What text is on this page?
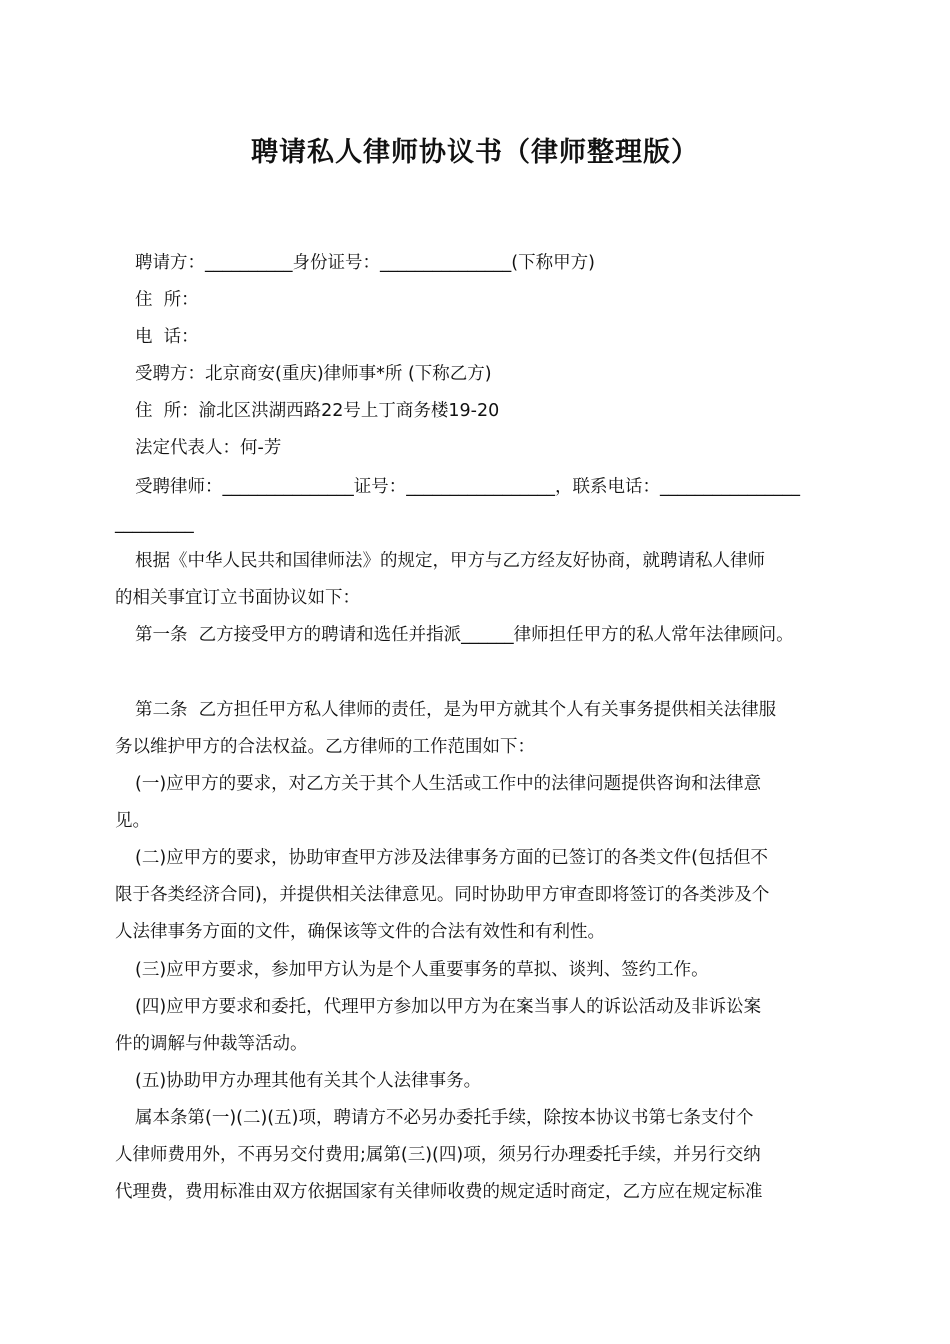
聘请私人律师协议书（律师整理版）
聘请方：__________身份证号：_______________(下称甲方)
住  所：
电  话：
受聘方：北京商安(重庆)律师事*所 (下称乙方)
住  所：渝北区洪湖西路22号上丁商务楼19-20
法定代表人：何-芳
受聘律师：_______________证号：_________________，联系电话：________________
_________
根据《中华人民共和国律师法》的规定，甲方与乙方经友好协商，就聘请私人律师
的相关事宜订立书面协议如下：
第一条  乙方接受甲方的聘请和选任并指派______律师担任甲方的私人常年法律顾问。
第二条  乙方担任甲方私人律师的责任，是为甲方就其个人有关事务提供相关法律服
务以维护甲方的合法权益。乙方律师的工作范围如下：
(一)应甲方的要求，对乙方关于其个人生活或工作中的法律问题提供咨询和法律意
见。
(二)应甲方的要求，协助审查甲方涉及法律事务方面的已签订的各类文件(包括但不
限于各类经济合同)，并提供相关法律意见。同时协助甲方审查即将签订的各类涉及个
人法律事务方面的文件，确保该等文件的合法有效性和有利性。
(三)应甲方要求，参加甲方认为是个人重要事务的草拟、谈判、签约工作。
(四)应甲方要求和委托，代理甲方参加以甲方为在案当事人的诉讼活动及非诉讼案
件的调解与仲裁等活动。
(五)协助甲方办理其他有关其个人法律事务。
属本条第(一)(二)(五)项，聘请方不必另办委托手续，除按本协议书第七条支付个
人律师费用外，不再另交付费用;属第(三)(四)项，须另行办理委托手续，并另行交纳
代理费，费用标准由双方依据国家有关律师收费的规定适时商定，乙方应在规定标准
